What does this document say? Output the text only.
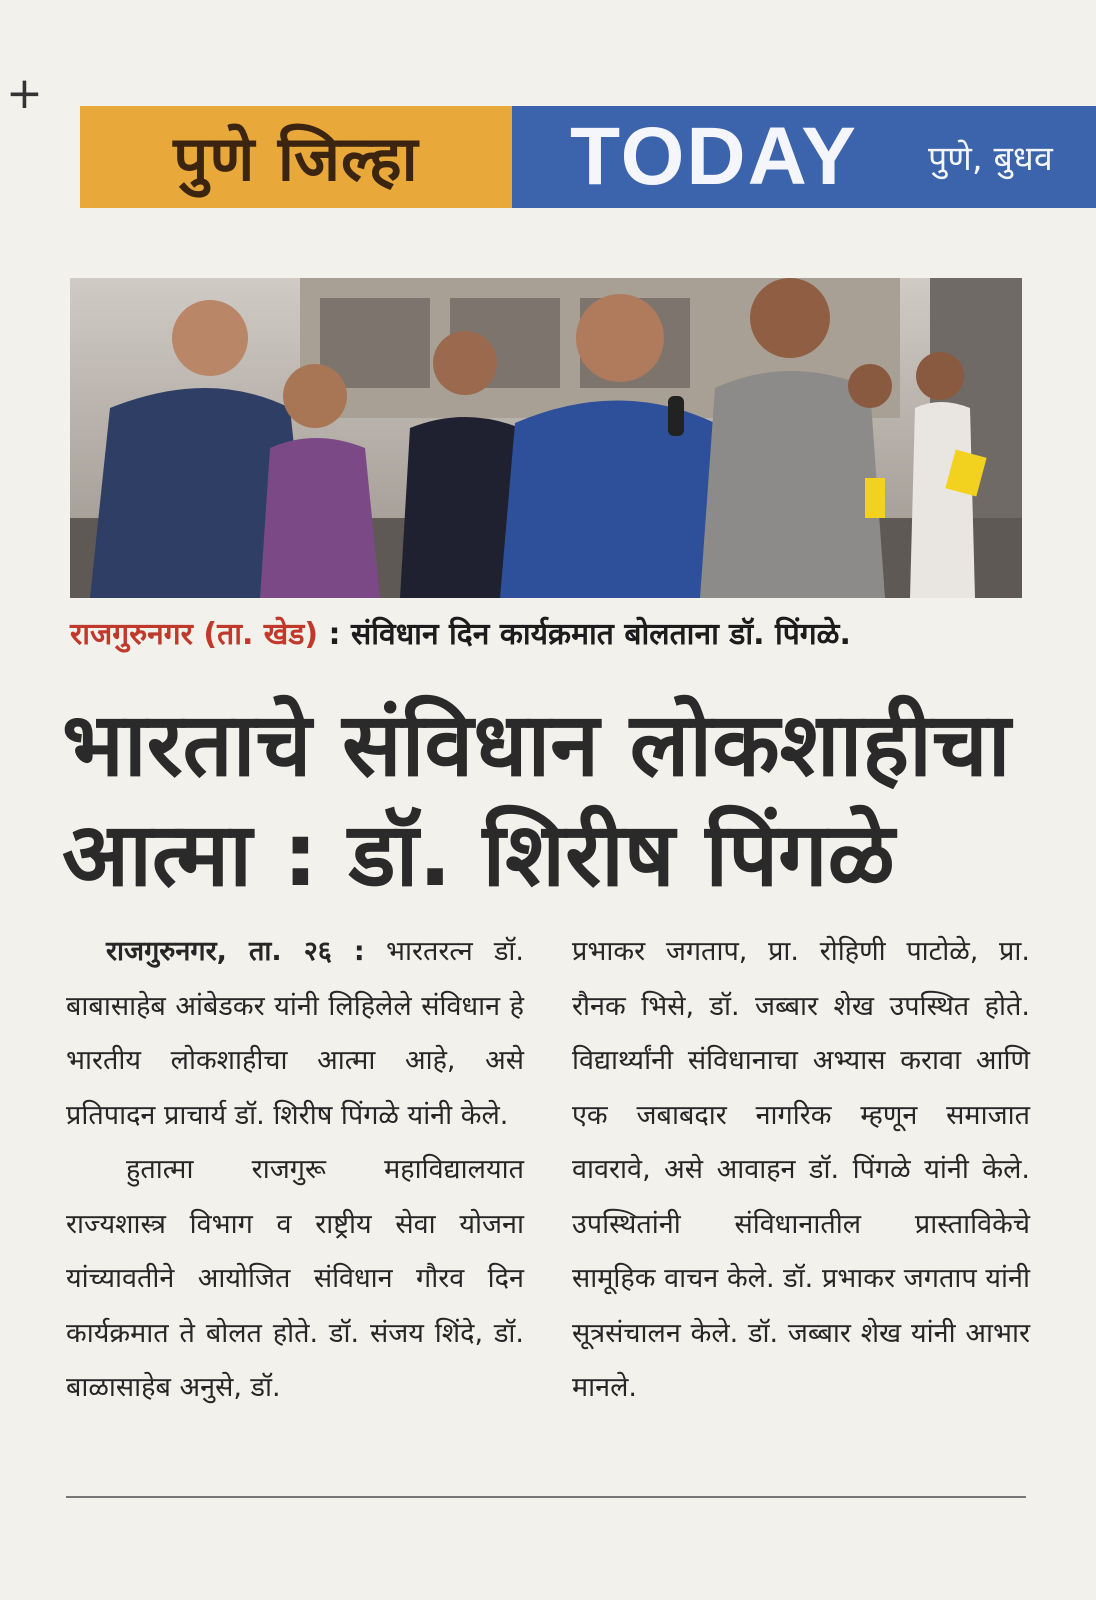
+
पुणे जिल्हा TODAY पुणे, बुधव
राजगुरुनगर (ता. खेड) : संविधान दिन कार्यक्रमात बोलताना डॉ. पिंगळे.
भारताचे संविधान लोकशाहीचा
आत्मा : डॉ. शिरीष पिंगळे

राजगुरुनगर, ता. २६ : भारतरत्न डॉ. बाबासाहेब आंबेडकर यांनी लिहिलेले संविधान हे भारतीय लोकशाहीचा आत्मा आहे, असे प्रतिपादन प्राचार्य डॉ. शिरीष पिंगळे यांनी केले.

हुतात्मा राजगुरू महाविद्यालयात राज्यशास्त्र विभाग व राष्ट्रीय सेवा योजना यांच्यावतीने आयोजित संविधान गौरव दिन कार्यक्रमात ते बोलत होते. डॉ. संजय शिंदे, डॉ. बाळासाहेब अनुसे, डॉ.

प्रभाकर जगताप, प्रा. रोहिणी पाटोळे, प्रा. रौनक भिसे, डॉ. जब्बार शेख उपस्थित होते. विद्यार्थ्यांनी संविधानाचा अभ्यास करावा आणि एक जबाबदार नागरिक म्हणून समाजात वावरावे, असे आवाहन डॉ. पिंगळे यांनी केले. उपस्थितांनी संविधानातील प्रास्ताविकेचे सामूहिक वाचन केले. डॉ. प्रभाकर जगताप यांनी सूत्रसंचालन केले. डॉ. जब्बार शेख यांनी आभार मानले.
